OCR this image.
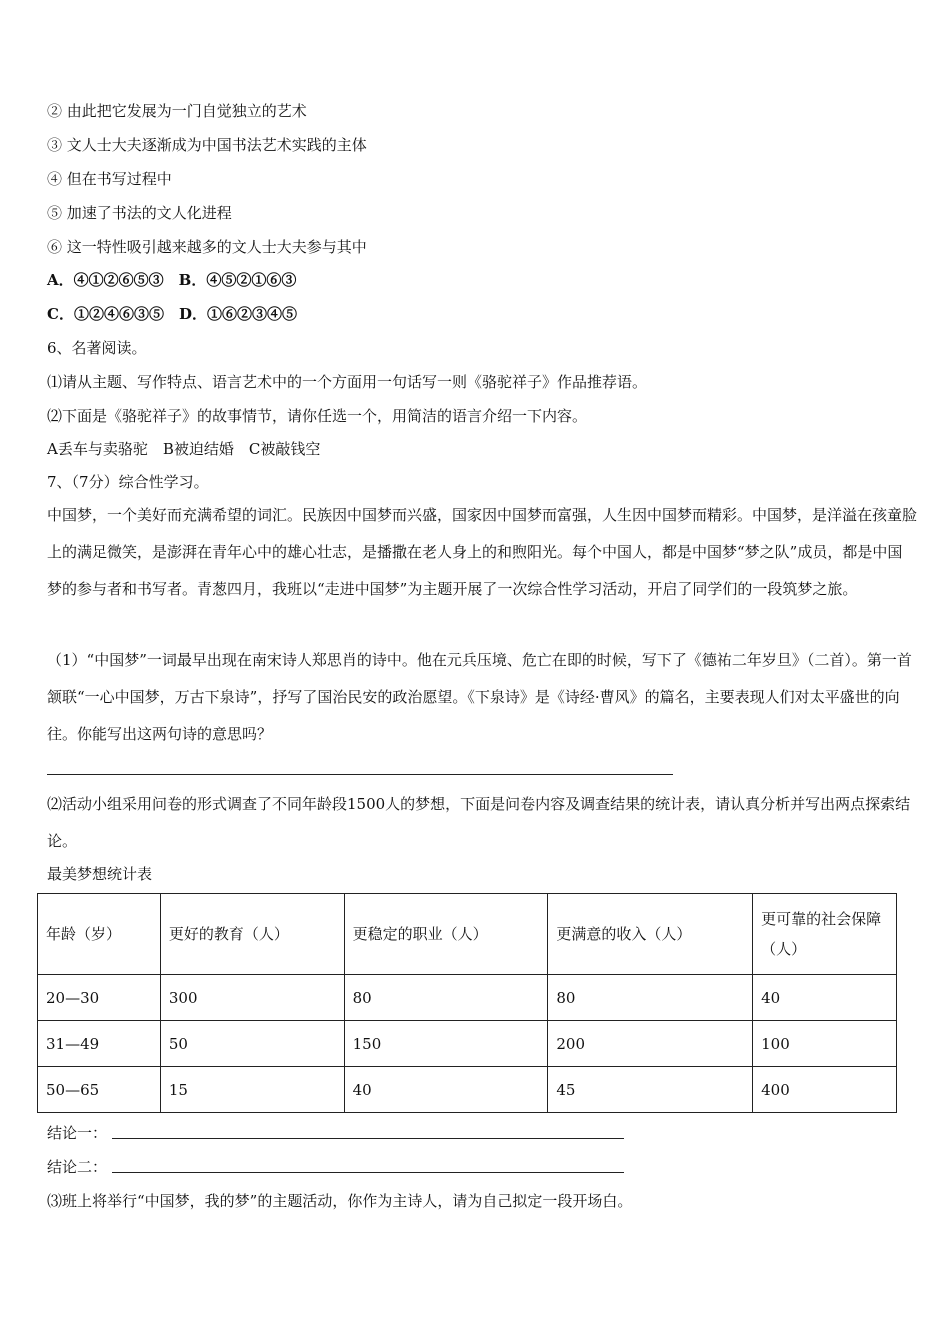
② 由此把它发展为一门自觉独立的艺术
③ 文人士大夫逐渐成为中国书法艺术实践的主体
④ 但在书写过程中
⑤ 加速了书法的文人化进程
⑥ 这一特性吸引越来越多的文人士大夫参与其中
A．④①②⑥⑤③　B．④⑤②①⑥③
C．①②④⑥③⑤　D．①⑥②③④⑤
6、名著阅读。
⑴请从主题、写作特点、语言艺术中的一个方面用一句话写一则《骆驼祥子》作品推荐语。
⑵下面是《骆驼祥子》的故事情节，请你任选一个，用简洁的语言介绍一下内容。
A丢车与卖骆驼　B被迫结婚　C被敲钱空
7、（7分）综合性学习。
中国梦，一个美好而充满希望的词汇。民族因中国梦而兴盛，国家因中国梦而富强，人生因中国梦而精彩。中国梦，是洋溢在孩童脸上的满足微笑，是澎湃在青年心中的雄心壮志，是播撒在老人身上的和煦阳光。每个中国人，都是中国梦“梦之队”成员，都是中国梦的参与者和书写者。青葱四月，我班以“走进中国梦”为主题开展了一次综合性学习活动，开启了同学们的一段筑梦之旅。
（1）“中国梦”一词最早出现在南宋诗人郑思肖的诗中。他在元兵压境、危亡在即的时候，写下了《德祐二年岁旦》（二首）。第一首颔联“一心中国梦，万古下泉诗”，抒写了国治民安的政治愿望。《下泉诗》是《诗经·曹风》的篇名，主要表现人们对太平盛世的向往。你能写出这两句诗的意思吗？
⑵活动小组采用问卷的形式调查了不同年龄段1500人的梦想，下面是问卷内容及调查结果的统计表，请认真分析并写出两点探索结论。
最美梦想统计表
年龄（岁）	更好的教育（人）	更稳定的职业（人）	更满意的收入（人）	更可靠的社会保障（人）
20—30	300	80	80	40
31—49	50	150	200	100
50—65	15	40	45	400
结论一：
结论二：
⑶班上将举行“中国梦，我的梦”的主题活动，你作为主诗人，请为自己拟定一段开场白。
